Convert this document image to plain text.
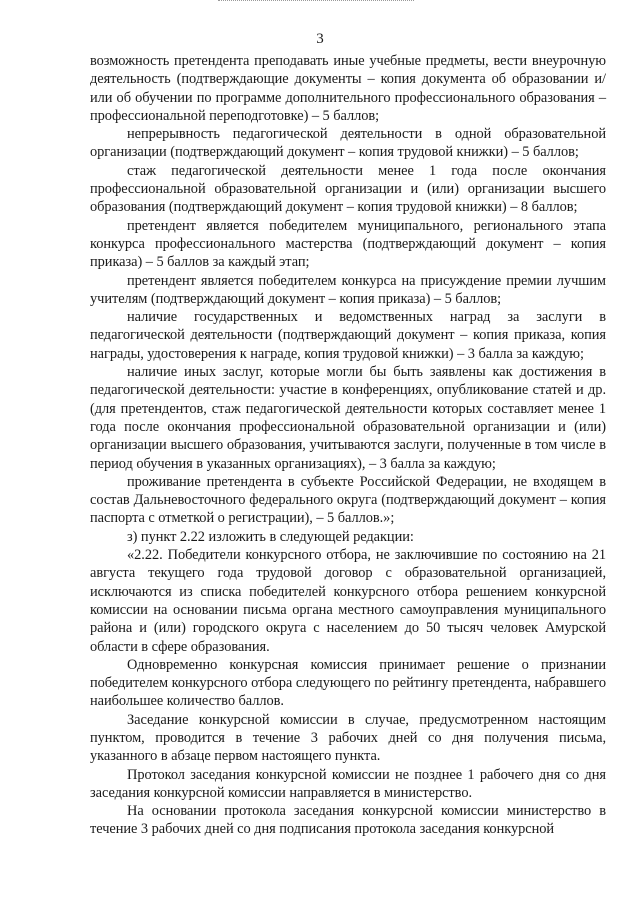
3

возможность претендента преподавать иные учебные предметы, вести внеурочную деятельность (подтверждающие документы – копия документа об образовании и/или об обучении по программе дополнительного профессионального образования – профессиональной переподготовке) – 5 баллов;

непрерывность педагогической деятельности в одной образовательной организации (подтверждающий документ – копия трудовой книжки) – 5 баллов;

стаж педагогической деятельности менее 1 года после окончания профессиональной образовательной организации и (или) организации высшего образования (подтверждающий документ – копия трудовой книжки) – 8 баллов;

претендент является победителем муниципального, регионального этапа конкурса профессионального мастерства (подтверждающий документ – копия приказа) – 5 баллов за каждый этап;

претендент является победителем конкурса на присуждение премии лучшим учителям (подтверждающий документ – копия приказа) – 5 баллов;

наличие государственных и ведомственных наград за заслуги в педагогической деятельности (подтверждающий документ – копия приказа, копия награды, удостоверения к награде, копия трудовой книжки) – 3 балла за каждую;

наличие иных заслуг, которые могли бы быть заявлены как достижения в педагогической деятельности: участие в конференциях, опубликование статей и др. (для претендентов, стаж педагогической деятельности которых составляет менее 1 года после окончания профессиональной образовательной организации и (или) организации высшего образования, учитываются заслуги, полученные в том числе в период обучения в указанных организациях), – 3 балла за каждую;

проживание претендента в субъекте Российской Федерации, не входящем в состав Дальневосточного федерального округа (подтверждающий документ – копия паспорта с отметкой о регистрации), – 5 баллов.»;

з) пункт 2.22 изложить в следующей редакции:

«2.22. Победители конкурсного отбора, не заключившие по состоянию на 21 августа текущего года трудовой договор с образовательной организацией, исключаются из списка победителей конкурсного отбора решением конкурсной комиссии на основании письма органа местного самоуправления муниципального района и (или) городского округа с населением до 50 тысяч человек Амурской области в сфере образования.

Одновременно конкурсная комиссия принимает решение о признании победителем конкурсного отбора следующего по рейтингу претендента, набравшего наибольшее количество баллов.

Заседание конкурсной комиссии в случае, предусмотренном настоящим пунктом, проводится в течение 3 рабочих дней со дня получения письма, указанного в абзаце первом настоящего пункта.

Протокол заседания конкурсной комиссии не позднее 1 рабочего дня со дня заседания конкурсной комиссии направляется в министерство.

На основании протокола заседания конкурсной комиссии министерство в течение 3 рабочих дней со дня подписания протокола заседания конкурсной
